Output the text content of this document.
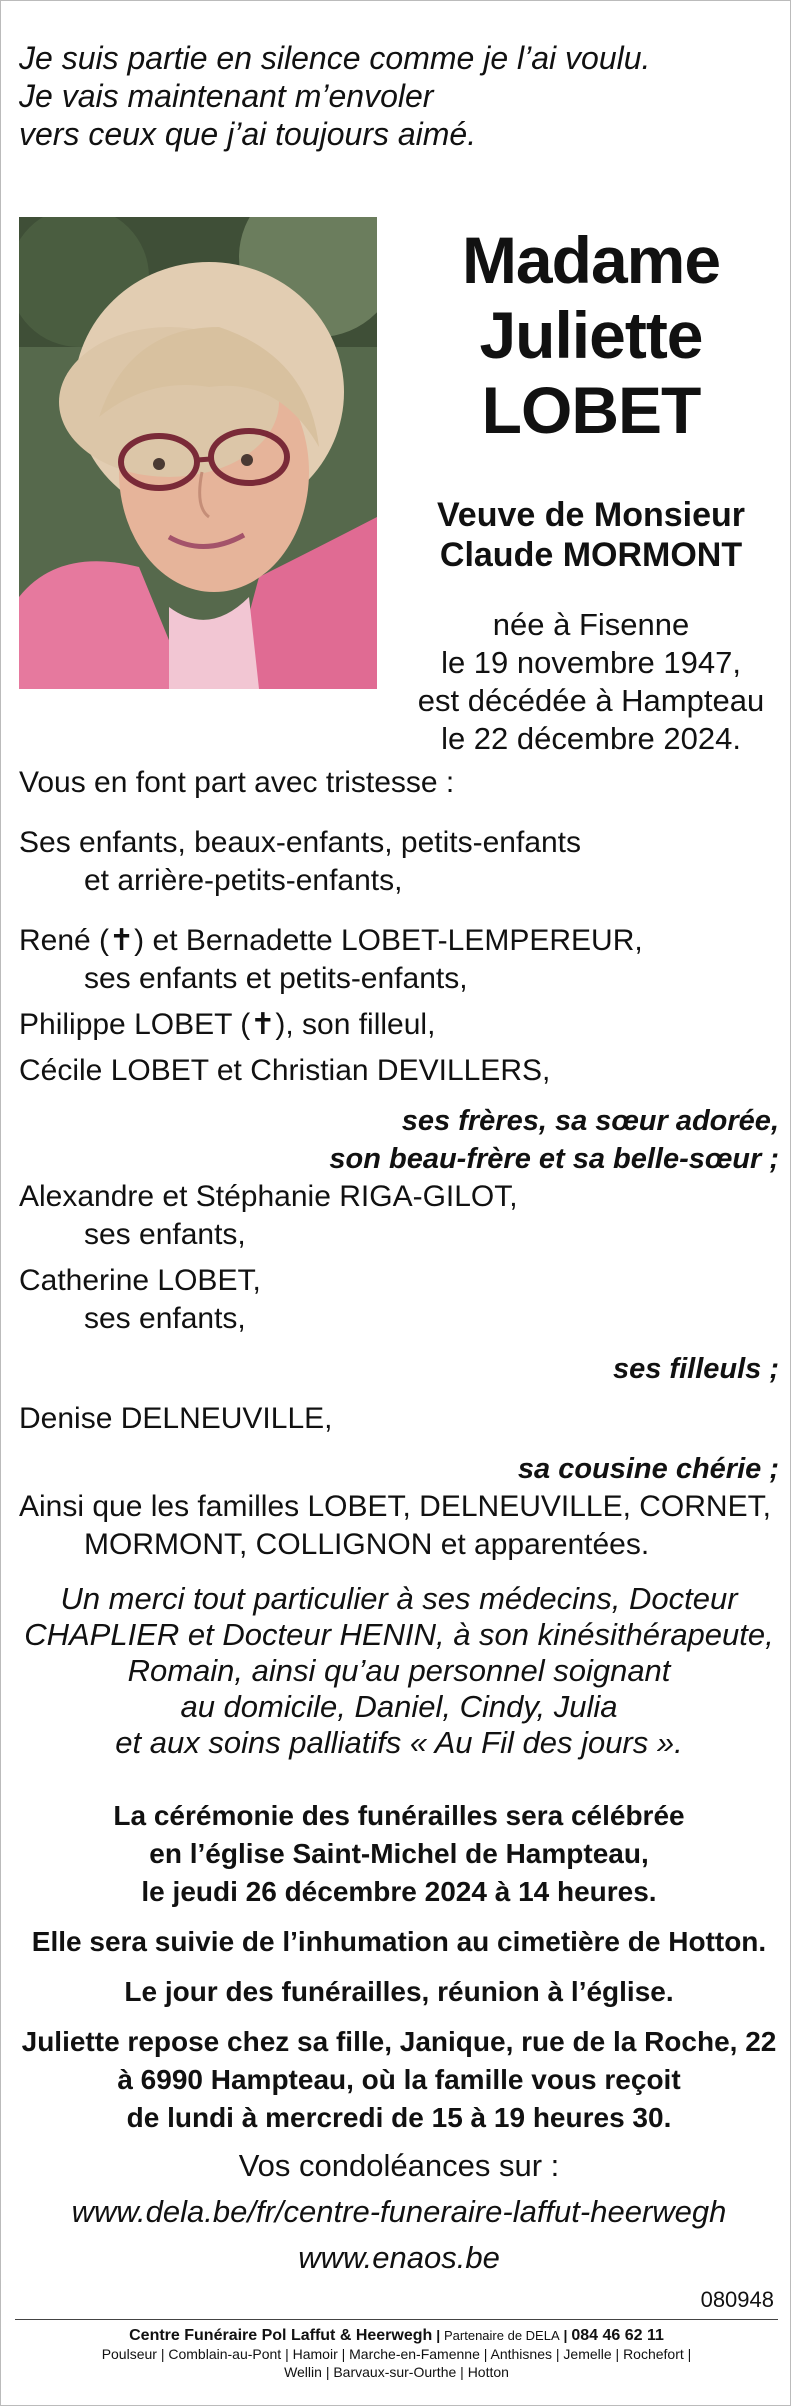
Je suis partie en silence comme je l’ai voulu.
Je vais maintenant m’envoler
vers ceux que j’ai toujours aimé.
Madame
Juliette
LOBET
Veuve de Monsieur
Claude MORMONT
née à Fisenne
le 19 novembre 1947,
est décédée à Hampteau
le 22 décembre 2024.
Vous en font part avec tristesse :
Ses enfants, beaux-enfants, petits-enfants
et arrière-petits-enfants,
René (✝) et Bernadette LOBET-LEMPEREUR,
ses enfants et petits-enfants,
Philippe LOBET (✝), son filleul,
Cécile LOBET et Christian DEVILLERS,
ses frères, sa sœur adorée,
son beau-frère et sa belle-sœur ;
Alexandre et Stéphanie RIGA-GILOT,
ses enfants,
Catherine LOBET,
ses enfants,
ses filleuls ;
Denise DELNEUVILLE,
sa cousine chérie ;
Ainsi que les familles LOBET, DELNEUVILLE, CORNET,
MORMONT, COLLIGNON et apparentées.
Un merci tout particulier à ses médecins, Docteur
CHAPLIER et Docteur HENIN, à son kinésithérapeute,
Romain, ainsi qu’au personnel soignant
au domicile, Daniel, Cindy, Julia
et aux soins palliatifs « Au Fil des jours ».
La cérémonie des funérailles sera célébrée
en l’église Saint-Michel de Hampteau,
le jeudi 26 décembre 2024 à 14 heures.
Elle sera suivie de l’inhumation au cimetière de Hotton.
Le jour des funérailles, réunion à l’église.
Juliette repose chez sa fille, Janique, rue de la Roche, 22
à 6990 Hampteau, où la famille vous reçoit
de lundi à mercredi de 15 à 19 heures 30.
Vos condoléances sur :
www.dela.be/fr/centre-funeraire-laffut-heerwegh
www.enaos.be
080948
Centre Funéraire Pol Laffut & Heerwegh | Partenaire de DELA | 084 46 62 11
Poulseur | Comblain-au-Pont | Hamoir | Marche-en-Famenne | Anthisnes | Jemelle | Rochefort |
Wellin | Barvaux-sur-Ourthe | Hotton
